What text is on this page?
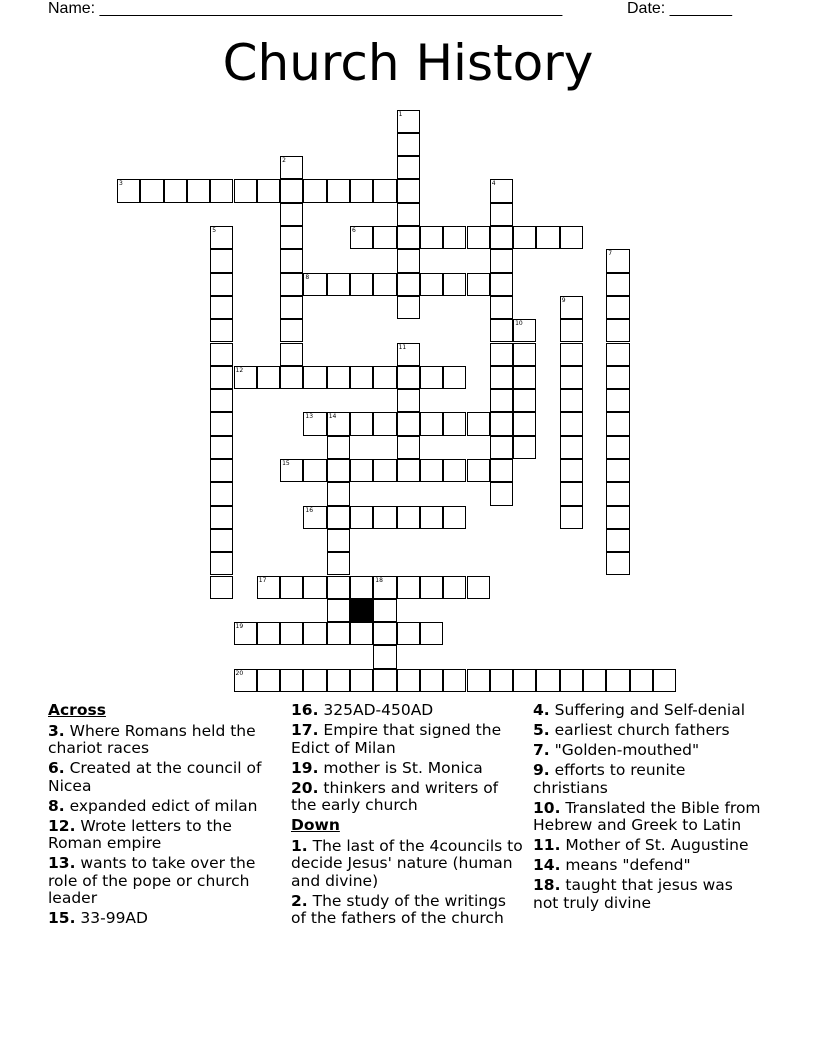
Name: ____________________________________________________	Date: _______
Church History
1
2
3	4
5	6
7
8
9
10
11
12
13	14
15
16
17	18
19
20
Across
3. Where Romans held the chariot races
6. Created at the council of Nicea
8. expanded edict of milan
12. Wrote letters to the Roman empire
13. wants to take over the role of the pope or church leader
15. 33-99AD
16. 325AD-450AD
17. Empire that signed the Edict of Milan
19. mother is St. Monica
20. thinkers and writers of the early church
Down
1. The last of the 4councils to decide Jesus' nature (human and divine)
2. The study of the writings of the fathers of the church
4. Suffering and Self-denial
5. earliest church fathers
7. "Golden-mouthed"
9. efforts to reunite christians
10. Translated the Bible from Hebrew and Greek to Latin
11. Mother of St. Augustine
14. means "defend"
18. taught that jesus was not truly divine
